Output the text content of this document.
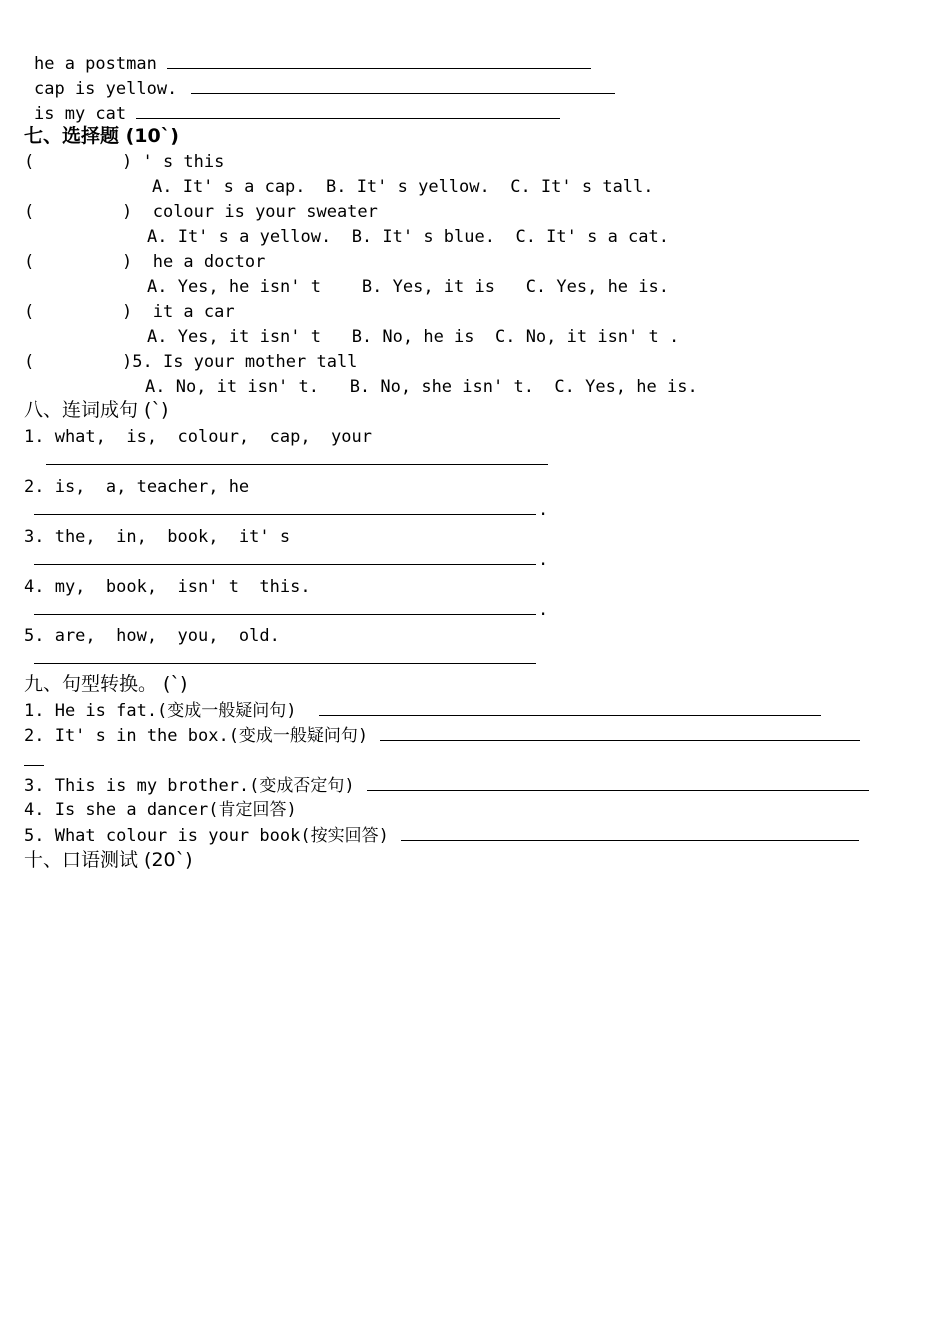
he a postman
cap is yellow.
is my cat
七、选择题 (10`)
(	) ' s this
A. It' s a cap.  B. It' s yellow.  C. It' s tall.
(	) colour is your sweater
A. It' s a yellow.  B. It' s blue.  C. It' s a cat.
(	) he a doctor
A. Yes, he isn' t    B. Yes, it is   C. Yes, he is.
(	) it a car
A. Yes, it isn' t   B. No, he is  C. No, it isn' t .
(	)5. Is your mother tall
A. No, it isn' t.   B. No, she isn' t.  C. Yes, he is.
八、连词成句 (`)
1. what,  is,  colour,  cap,  your
2. is,  a, teacher, he
.
3. the,  in,  book,  it' s
.
4. my,  book,  isn' t  this.
.
5. are,  how,  you,  old.
九、句型转换。 (`)
1. He is fat.(变成一般疑问句)
2. It' s in the box.(变成一般疑问句)
3. This is my brother.(变成否定句)
4. Is she a dancer(肯定回答)
5. What colour is your book(按实回答)
十、口语测试 (20`)
